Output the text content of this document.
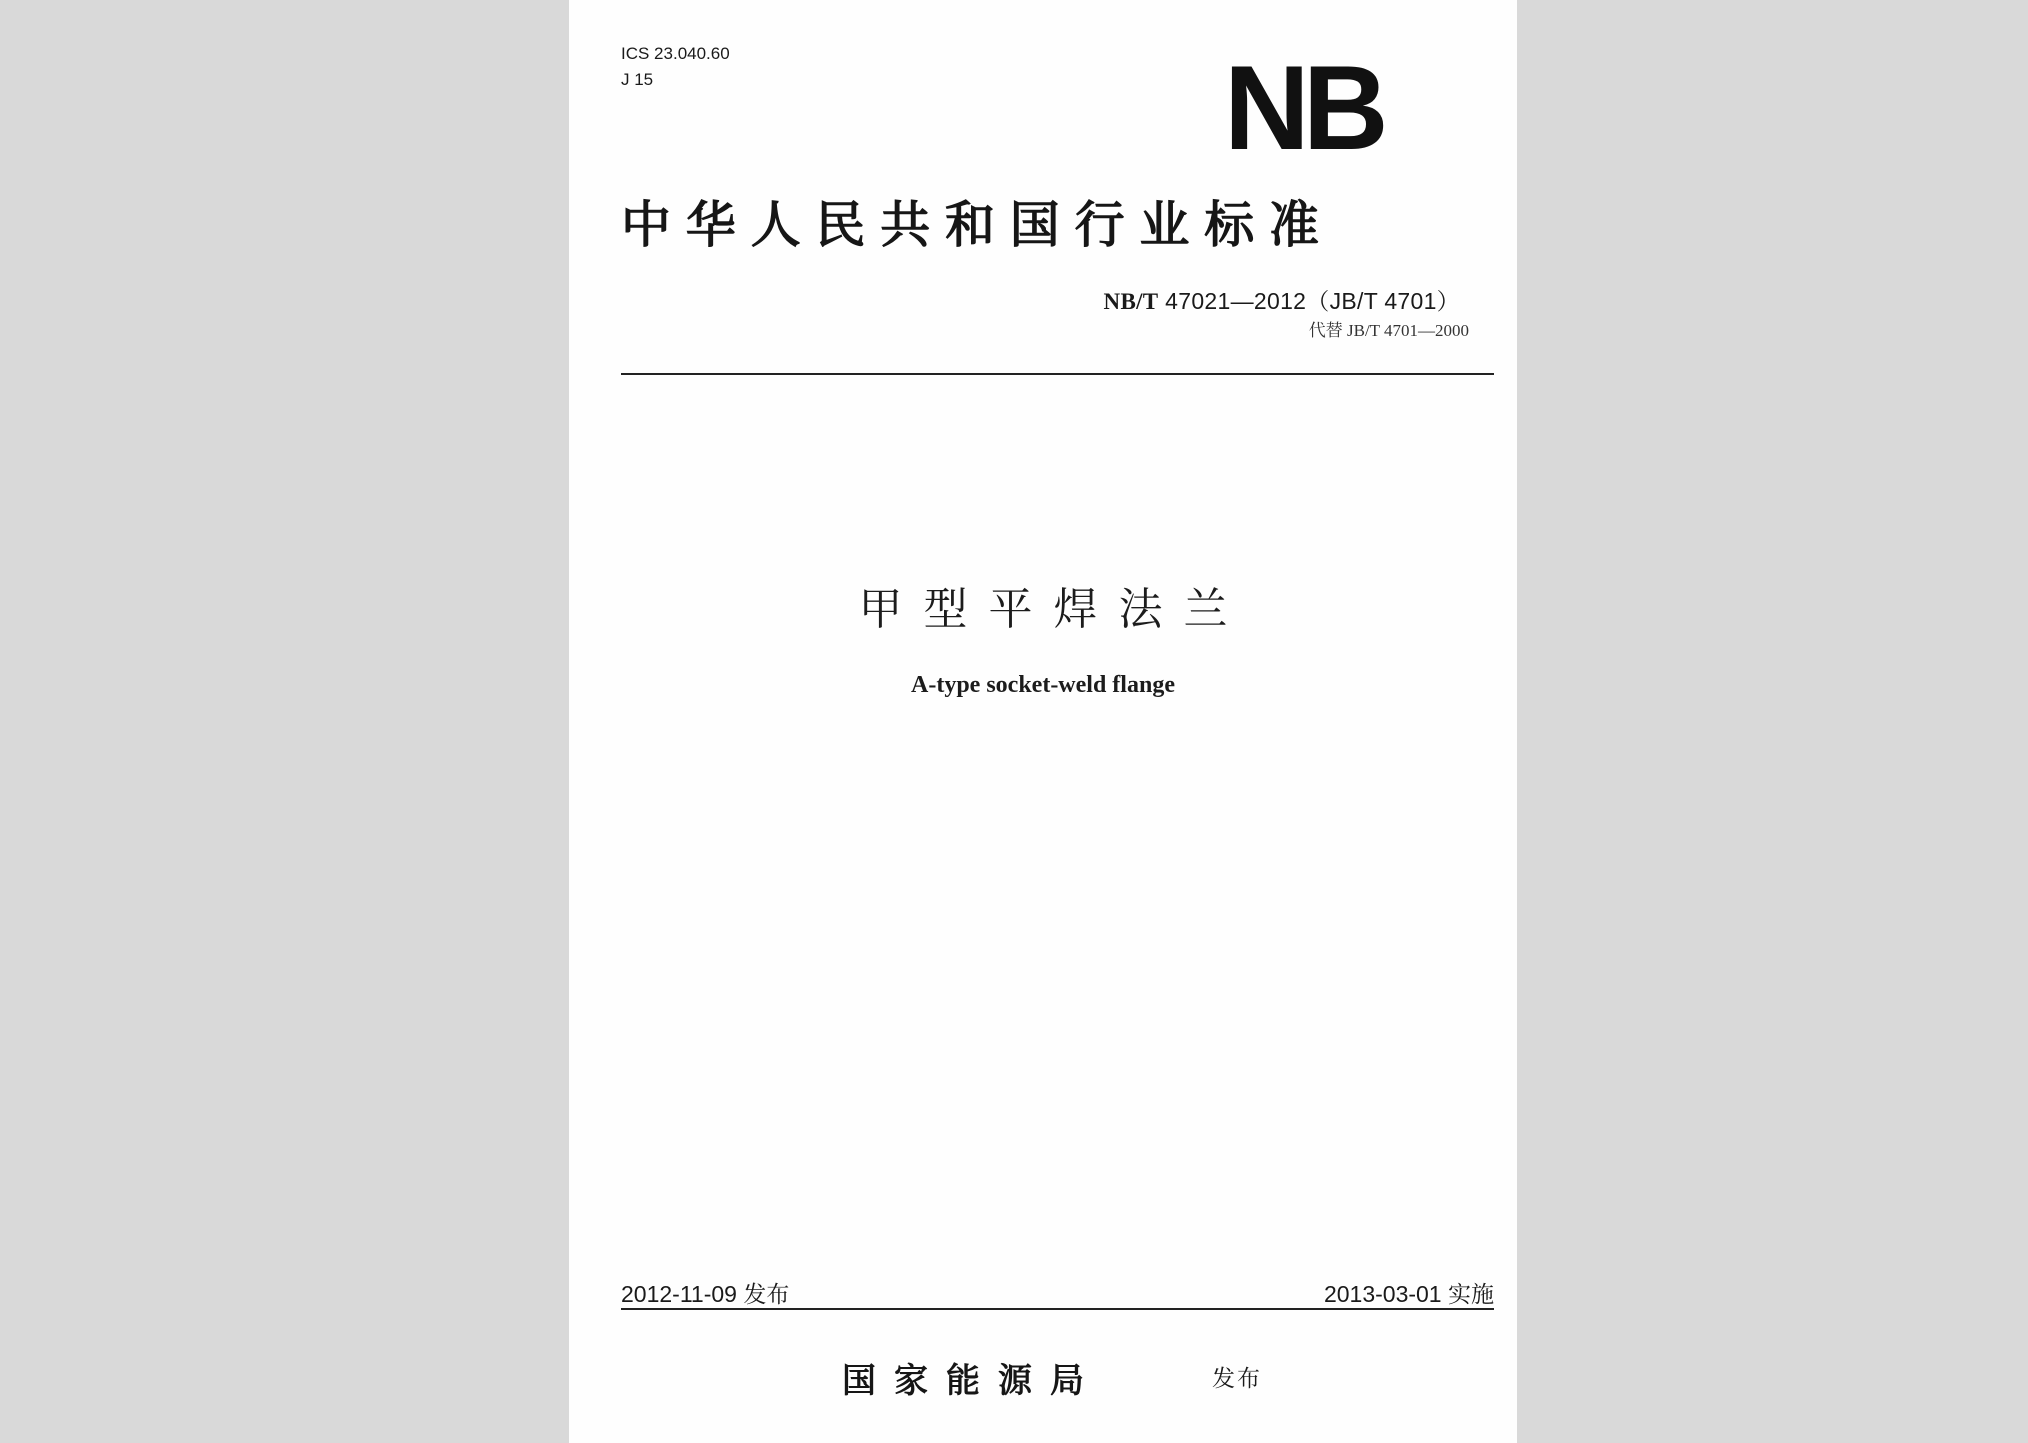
ICS 23.040.60
J 15	NB
中华人民共和国行业标准
NB/T 47021—2012（JB/T 4701）
代替 JB/T 4701—2000
甲型平焊法兰
A-type socket-weld flange
2012-11-09 发布	2013-03-01 实施
国家能源局	发布
